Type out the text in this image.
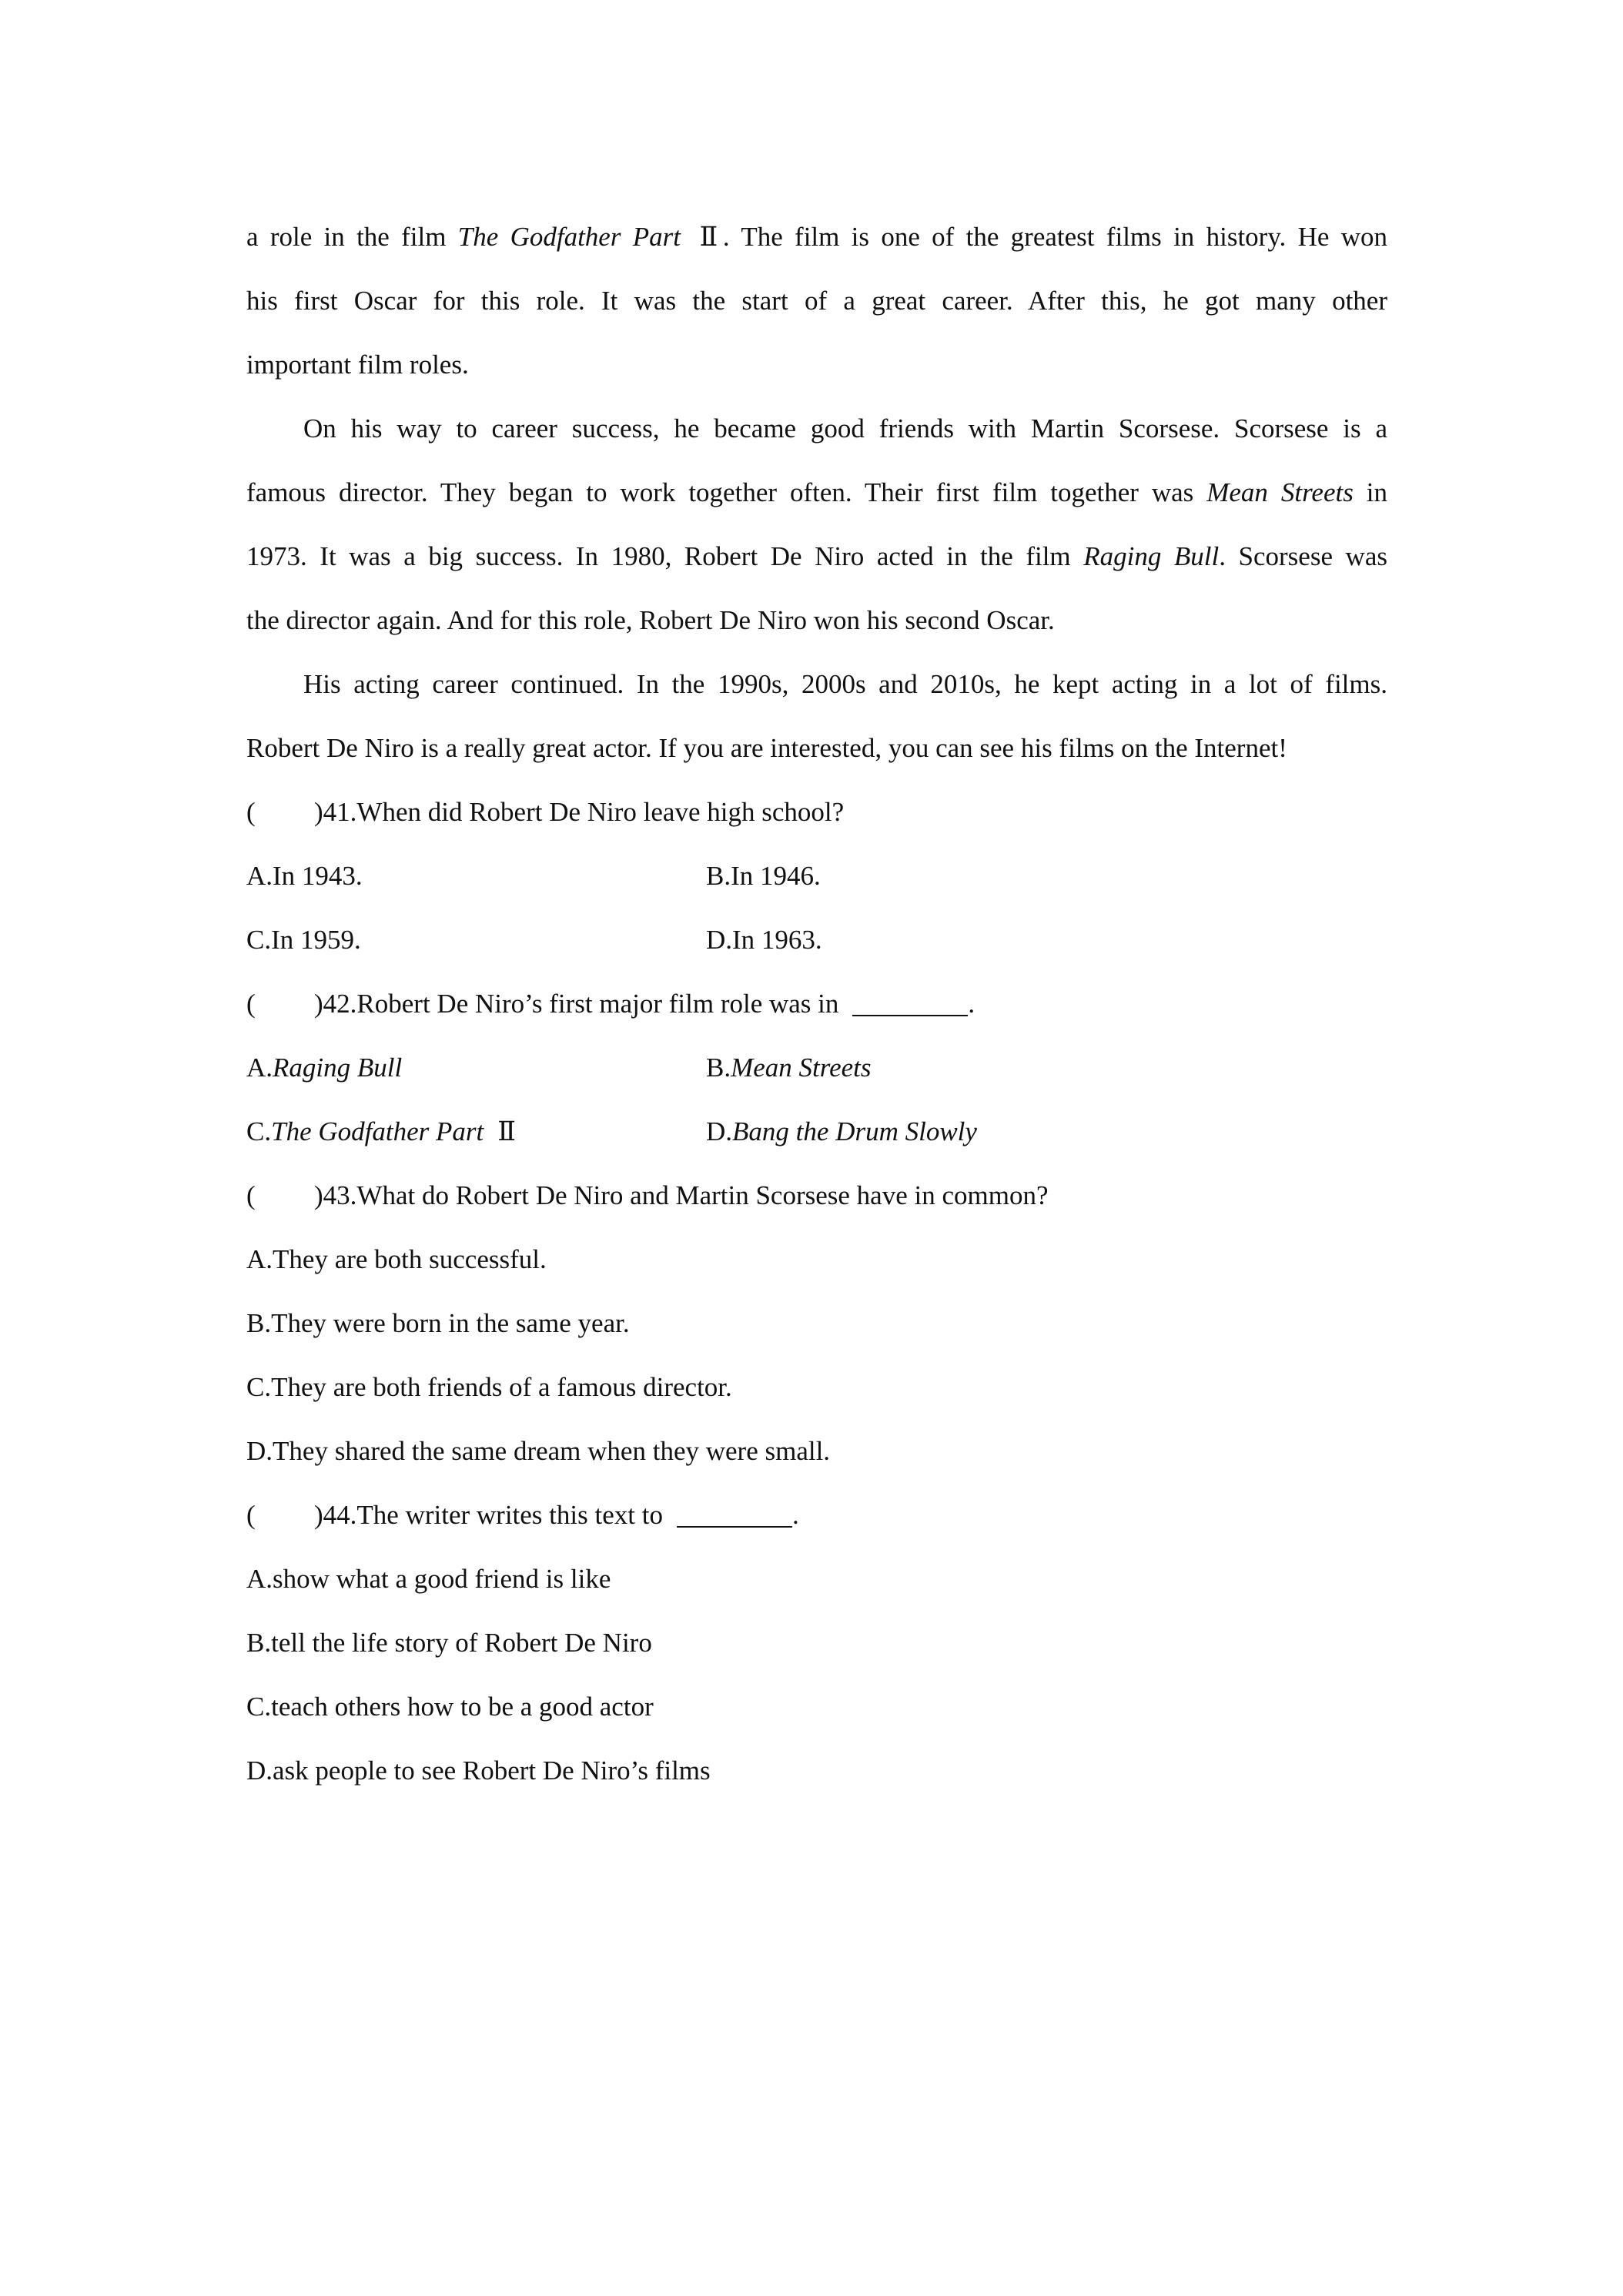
a role in the film The Godfather Part Ⅱ. The film is one of the greatest films in history. He won
his first Oscar for this role. It was the start of a great career. After this, he got many other
important film roles.
On his way to career success, he became good friends with Martin Scorsese. Scorsese is a
famous director. They began to work together often. Their first film together was Mean Streets in
1973. It was a big success. In 1980, Robert De Niro acted in the film Raging Bull. Scorsese was
the director again. And for this role, Robert De Niro won his second Oscar.
His acting career continued. In the 1990s, 2000s and 2010s, he kept acting in a lot of films.
Robert De Niro is a really great actor. If you are interested, you can see his films on the Internet!
(	)41.When did Robert De Niro leave high school?
A.In 1943.	B.In 1946.
C.In 1959.	D.In 1963.
(	)42.Robert De Niro’s first major film role was in	.
A.Raging Bull	B.Mean Streets
C.The Godfather Part Ⅱ	D.Bang the Drum Slowly
(	)43.What do Robert De Niro and Martin Scorsese have in common?
A.They are both successful.
B.They were born in the same year.
C.They are both friends of a famous director.
D.They shared the same dream when they were small.
(	)44.The writer writes this text to	.
A.show what a good friend is like
B.tell the life story of Robert De Niro
C.teach others how to be a good actor
D.ask people to see Robert De Niro’s films
